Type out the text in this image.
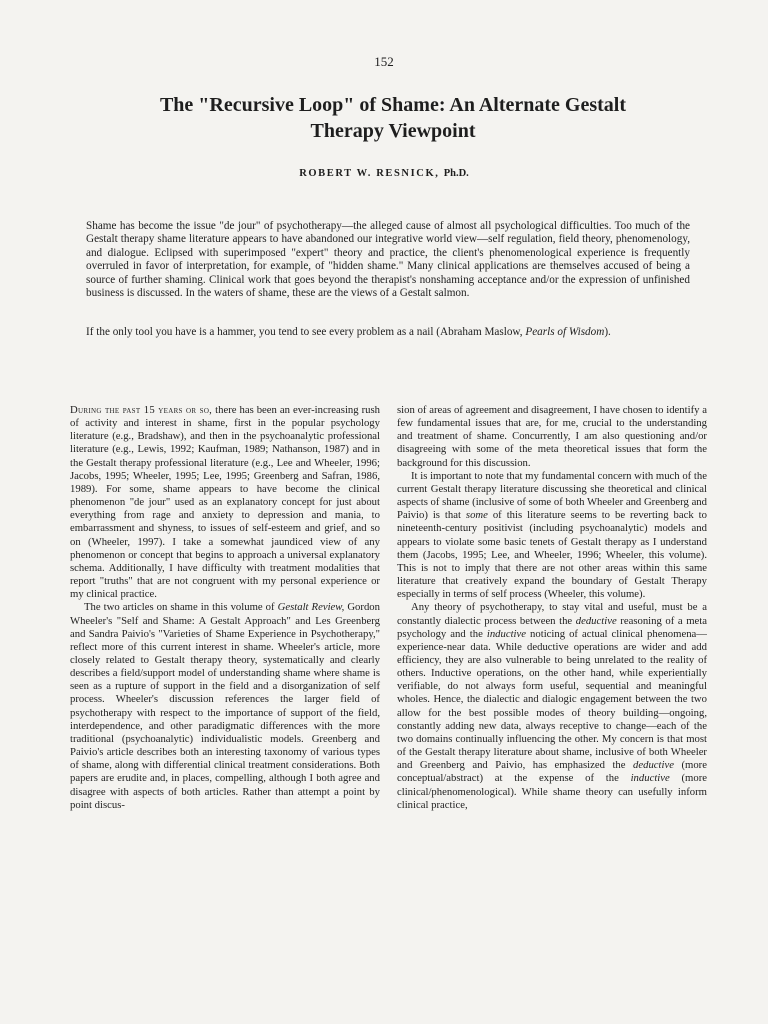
152
The "Recursive Loop" of Shame: An Alternate Gestalt
Therapy Viewpoint
ROBERT W. RESNICK, Ph.D.
Shame has become the issue "de jour" of psychotherapy—the alleged cause of almost all psychological difficulties. Too much of the Gestalt therapy shame literature appears to have abandoned our integrative world view—self regulation, field theory, phenomenology, and dialogue. Eclipsed with superimposed "expert" theory and practice, the client's phenomenological experience is frequently overruled in favor of interpretation, for example, of "hidden shame." Many clinical applications are themselves accused of being a source of further shaming. Clinical work that goes beyond the therapist's nonshaming acceptance and/or the expression of unfinished business is discussed. In the waters of shame, these are the views of a Gestalt salmon.
If the only tool you have is a hammer, you tend to see every problem as a nail (Abraham Maslow, Pearls of Wisdom).

During the past 15 years or so, there has been an ever-increasing rush of activity and interest in shame, first in the popular psychology literature (e.g., Bradshaw), and then in the psychoanalytic professional literature (e.g., Lewis, 1992; Kaufman, 1989; Nathanson, 1987) and in the Gestalt therapy professional literature (e.g., Lee and Wheeler, 1996; Jacobs, 1995; Wheeler, 1995; Lee, 1995; Greenberg and Safran, 1986, 1989). For some, shame appears to have become the clinical phenomenon "de jour" used as an explanatory concept for just about everything from rage and anxiety to depression and mania, to embarrassment and shyness, to issues of self-esteem and grief, and so on (Wheeler, 1997). I take a somewhat jaundiced view of any phenomenon or concept that begins to approach a universal explanatory schema. Additionally, I have difficulty with treatment modalities that report "truths" that are not congruent with my personal experience or my clinical practice.

The two articles on shame in this volume of Gestalt Review, Gordon Wheeler's "Self and Shame: A Gestalt Approach" and Les Greenberg and Sandra Paivio's "Varieties of Shame Experience in Psychotherapy," reflect more of this current interest in shame. Wheeler's article, more closely related to Gestalt therapy theory, systematically and clearly describes a field/support model of understanding shame where shame is seen as a rupture of support in the field and a disorganization of self process. Wheeler's discussion references the larger field of psychotherapy with respect to the importance of support of the field, interdependence, and other paradigmatic differences with the more traditional (psychoanalytic) individualistic models. Greenberg and Paivio's article describes both an interesting taxonomy of various types of shame, along with differential clinical treatment considerations. Both papers are erudite and, in places, compelling, although I both agree and disagree with aspects of both articles. Rather than attempt a point by point discus-

sion of areas of agreement and disagreement, I have chosen to identify a few fundamental issues that are, for me, crucial to the understanding and treatment of shame. Concurrently, I am also questioning and/or disagreeing with some of the meta theoretical issues that form the background for this discussion.

It is important to note that my fundamental concern with much of the current Gestalt therapy literature discussing she theoretical and clinical aspects of shame (inclusive of some of both Wheeler and Greenberg and Paivio) is that some of this literature seems to be reverting back to nineteenth-century positivist (including psychoanalytic) models and appears to violate some basic tenets of Gestalt therapy as I understand them (Jacobs, 1995; Lee, and Wheeler, 1996; Wheeler, this volume). This is not to imply that there are not other areas within this same literature that creatively expand the boundary of Gestalt Therapy especially in terms of self process (Wheeler, this volume).

Any theory of psychotherapy, to stay vital and useful, must be a constantly dialectic process between the deductive reasoning of a meta psychology and the inductive noticing of actual clinical phenomena— experience-near data. While deductive operations are wider and add efficiency, they are also vulnerable to being unrelated to the reality of others. Inductive operations, on the other hand, while experientially verifiable, do not always form useful, sequential and meaningful wholes. Hence, the dialectic and dialogic engagement between the two allow for the best possible modes of theory building—ongoing, constantly adding new data, always receptive to change—each of the two domains continually influencing the other. My concern is that most of the Gestalt therapy literature about shame, inclusive of both Wheeler and Greenberg and Paivio, has emphasized the deductive (more conceptual/abstract) at the expense of the inductive (more clinical/phenomenological). While shame theory can usefully inform clinical practice,
